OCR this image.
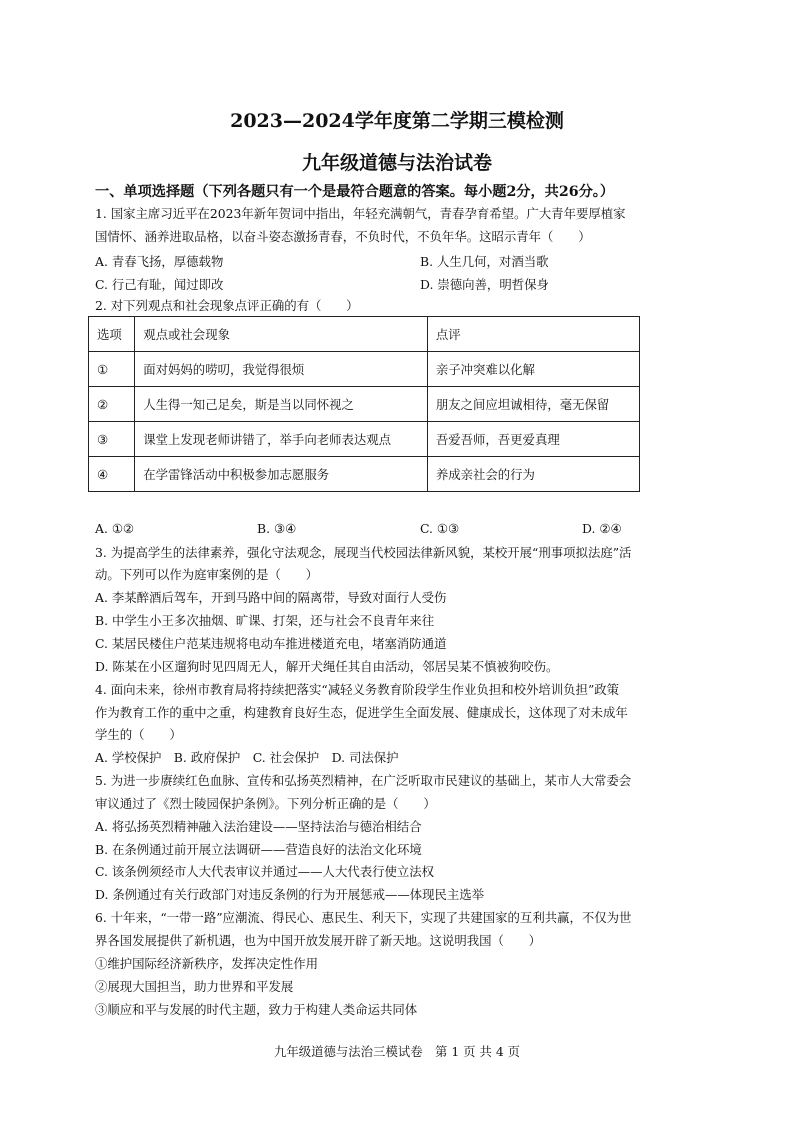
2023—2024学年度第二学期三模检测
九年级道德与法治试卷
一、单项选择题（下列各题只有一个是最符合题意的答案。每小题2分，共26分。）
1. 国家主席习近平在2023年新年贺词中指出，年轻充满朝气，青春孕育希望。广大青年要厚植家
国情怀、涵养进取品格，以奋斗姿态激扬青春，不负时代，不负年华。这昭示青年（　　）
A. 青春飞扬，厚德载物	B. 人生几何，对酒当歌
C. 行己有耻，闻过即改	D. 崇德向善，明哲保身
2. 对下列观点和社会现象点评正确的有（　　）
选项	观点或社会现象	点评
①	面对妈妈的唠叨，我觉得很烦	亲子冲突难以化解
②	人生得一知己足矣，斯是当以同怀视之	朋友之间应坦诚相待，毫无保留
③	课堂上发现老师讲错了，举手向老师表达观点	吾爱吾师，吾更爱真理
④	在学雷锋活动中积极参加志愿服务	养成亲社会的行为
A. ①②	B. ③④	C. ①③	D. ②④
3. 为提高学生的法律素养，强化守法观念，展现当代校园法律新风貌，某校开展“刑事项拟法庭”活
动。下列可以作为庭审案例的是（　　）
A. 李某醉酒后驾车，开到马路中间的隔离带，导致对面行人受伤
B. 中学生小王多次抽烟、旷课、打架，还与社会不良青年来往
C. 某居民楼住户范某违规将电动车推进楼道充电，堵塞消防通道
D. 陈某在小区遛狗时见四周无人，解开犬绳任其自由活动，邻居吴某不慎被狗咬伤。
4. 面向未来，徐州市教育局将持续把落实“减轻义务教育阶段学生作业负担和校外培训负担”政策
作为教育工作的重中之重，构建教育良好生态，促进学生全面发展、健康成长，这体现了对未成年
学生的（　　）
A. 学校保护　B. 政府保护　C. 社会保护　D. 司法保护
5. 为进一步赓续红色血脉、宣传和弘扬英烈精神，在广泛听取市民建议的基础上，某市人大常委会
审议通过了《烈士陵园保护条例》。下列分析正确的是（　　）
A. 将弘扬英烈精神融入法治建设——坚持法治与德治相结合
B. 在条例通过前开展立法调研——营造良好的法治文化环境
C. 该条例须经市人大代表审议并通过——人大代表行使立法权
D. 条例通过有关行政部门对违反条例的行为开展惩戒——体现民主选举
6. 十年来，“一带一路”应潮流、得民心、惠民生、利天下，实现了共建国家的互利共赢，不仅为世
界各国发展提供了新机遇，也为中国开放发展开辟了新天地。这说明我国（　　）
①维护国际经济新秩序，发挥决定性作用
②展现大国担当，助力世界和平发展
③顺应和平与发展的时代主题，致力于构建人类命运共同体
九年级道德与法治三模试卷　第 1 页 共 4 页
